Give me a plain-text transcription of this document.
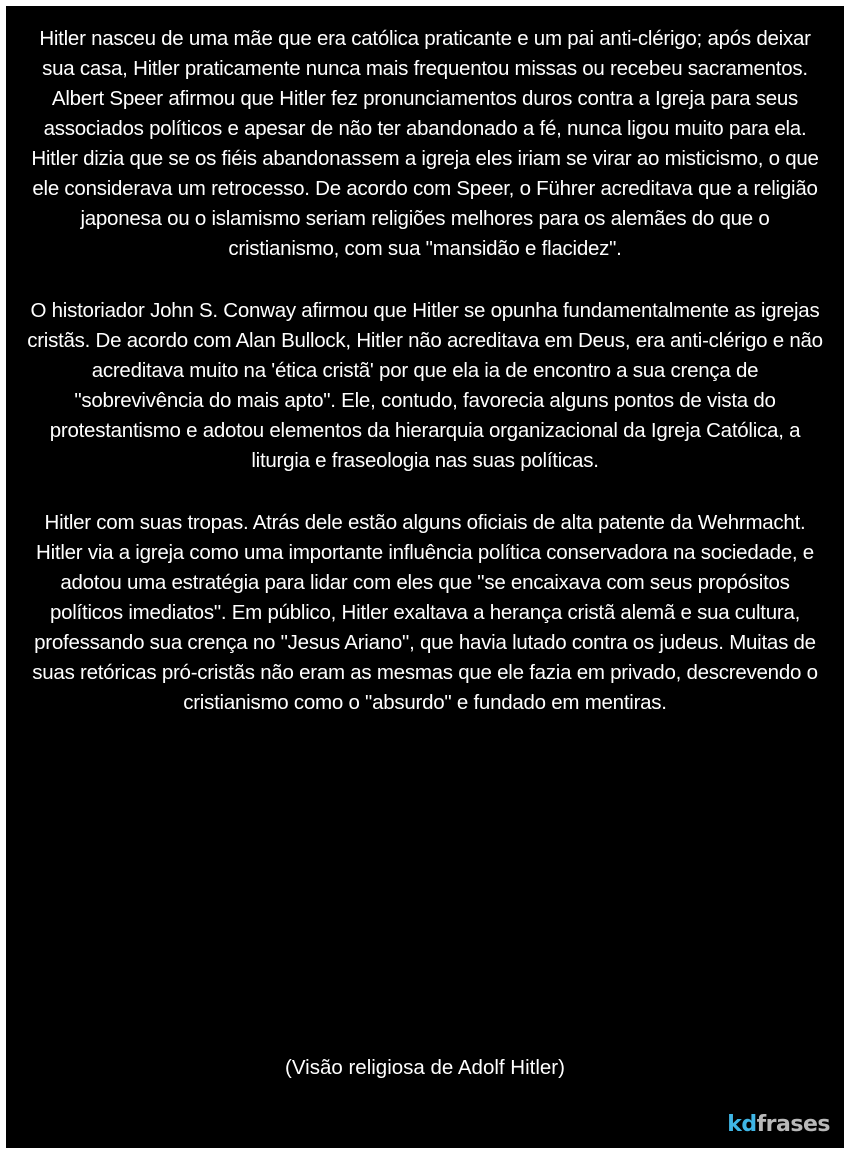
Hitler nasceu de uma mãe que era católica praticante e um pai anti-clérigo; após deixar sua casa, Hitler praticamente nunca mais frequentou missas ou recebeu sacramentos. Albert Speer afirmou que Hitler fez pronunciamentos duros contra a Igreja para seus associados políticos e apesar de não ter abandonado a fé, nunca ligou muito para ela. Hitler dizia que se os fiéis abandonassem a igreja eles iriam se virar ao misticismo, o que ele considerava um retrocesso. De acordo com Speer, o Führer acreditava que a religião japonesa ou o islamismo seriam religiões melhores para os alemães do que o cristianismo, com sua "mansidão e flacidez".

O historiador John S. Conway afirmou que Hitler se opunha fundamentalmente as igrejas cristãs. De acordo com Alan Bullock, Hitler não acreditava em Deus, era anti-clérigo e não acreditava muito na 'ética cristã' por que ela ia de encontro a sua crença de "sobrevivência do mais apto". Ele, contudo, favorecia alguns pontos de vista do protestantismo e adotou elementos da hierarquia organizacional da Igreja Católica, a liturgia e fraseologia nas suas políticas.

Hitler com suas tropas. Atrás dele estão alguns oficiais de alta patente da Wehrmacht.

Hitler via a igreja como uma importante influência política conservadora na sociedade, e adotou uma estratégia para lidar com eles que "se encaixava com seus propósitos políticos imediatos". Em público, Hitler exaltava a herança cristã alemã e sua cultura, professando sua crença no "Jesus Ariano", que havia lutado contra os judeus. Muitas de suas retóricas pró-cristãs não eram as mesmas que ele fazia em privado, descrevendo o cristianismo como o "absurdo" e fundado em mentiras.

(Visão religiosa de Adolf Hitler)
kdfrases
